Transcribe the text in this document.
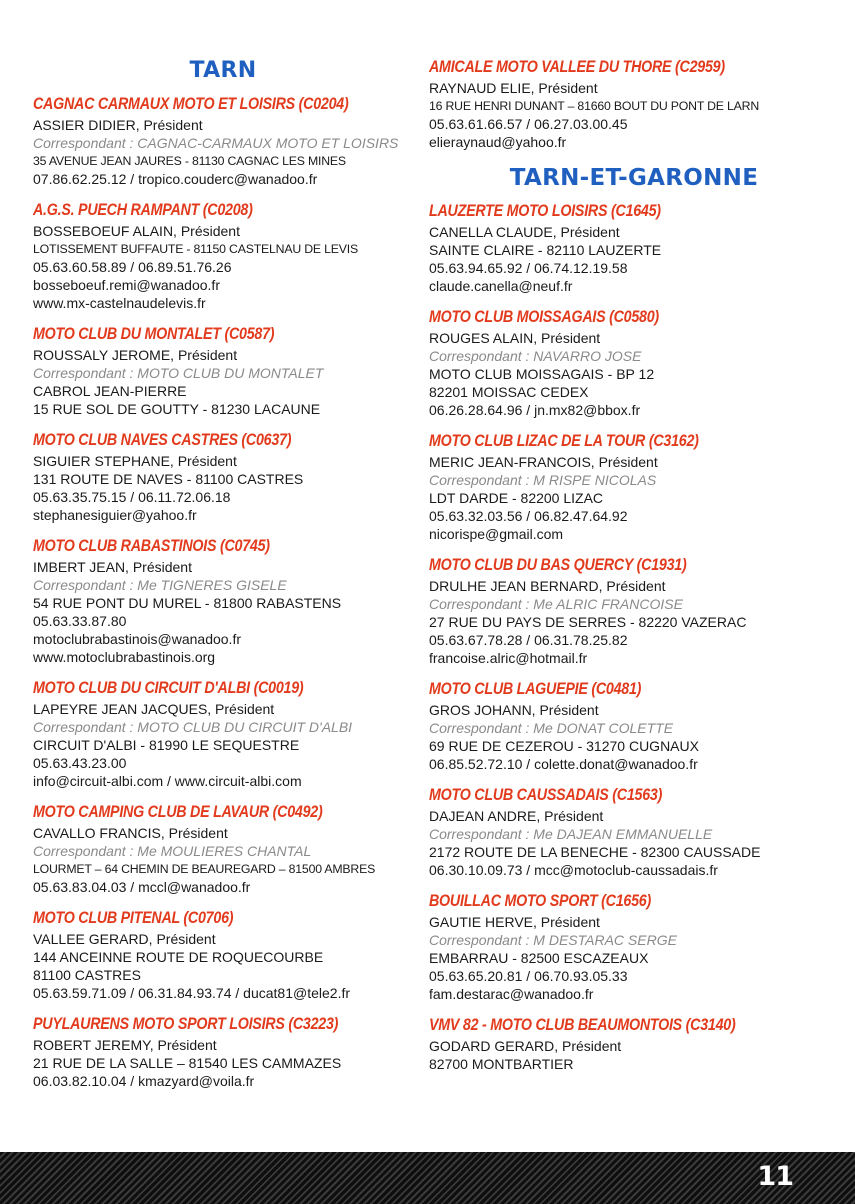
TARN
CAGNAC CARMAUX MOTO ET LOISIRS (C0204)
ASSIER DIDIER, Président
Correspondant : CAGNAC-CARMAUX MOTO ET LOISIRS
35 AVENUE JEAN JAURES - 81130 CAGNAC LES MINES
07.86.62.25.12 / tropico.couderc@wanadoo.fr
A.G.S. PUECH RAMPANT (C0208)
BOSSEBOEUF ALAIN, Président
LOTISSEMENT BUFFAUTE - 81150 CASTELNAU DE LEVIS
05.63.60.58.89 / 06.89.51.76.26
bosseboeuf.remi@wanadoo.fr
www.mx-castelnaudelevis.fr
MOTO CLUB DU MONTALET (C0587)
ROUSSALY JEROME, Président
Correspondant : MOTO CLUB DU MONTALET
CABROL JEAN-PIERRE
15 RUE SOL DE GOUTTY - 81230 LACAUNE
MOTO CLUB NAVES CASTRES (C0637)
SIGUIER STEPHANE, Président
131 ROUTE DE NAVES - 81100 CASTRES
05.63.35.75.15 / 06.11.72.06.18
stephanesiguier@yahoo.fr
MOTO CLUB RABASTINOIS (C0745)
IMBERT JEAN, Président
Correspondant : Me TIGNERES GISELE
54 RUE PONT DU MUREL - 81800 RABASTENS
05.63.33.87.80
motoclubrabastinois@wanadoo.fr
www.motoclubrabastinois.org
MOTO CLUB DU CIRCUIT D'ALBI (C0019)
LAPEYRE JEAN JACQUES, Président
Correspondant : MOTO CLUB DU CIRCUIT D'ALBI
CIRCUIT D'ALBI - 81990 LE SEQUESTRE
05.63.43.23.00
info@circuit-albi.com / www.circuit-albi.com
MOTO CAMPING CLUB DE LAVAUR (C0492)
CAVALLO FRANCIS, Président
Correspondant : Me MOULIERES CHANTAL
LOURMET – 64 CHEMIN DE BEAUREGARD – 81500 AMBRES
05.63.83.04.03 / mccl@wanadoo.fr
MOTO CLUB PITENAL (C0706)
VALLEE GERARD, Président
144 ANCEINNE ROUTE DE ROQUECOURBE
81100 CASTRES
05.63.59.71.09 / 06.31.84.93.74 / ducat81@tele2.fr
PUYLAURENS MOTO SPORT LOISIRS (C3223)
ROBERT JEREMY, Président
21 RUE DE LA SALLE – 81540 LES CAMMAZES
06.03.82.10.04 / kmazyard@voila.fr
AMICALE MOTO VALLEE DU THORE (C2959)
RAYNAUD ELIE, Président
16 RUE HENRI DUNANT – 81660 BOUT DU PONT DE LARN
05.63.61.66.57 / 06.27.03.00.45
elieraynaud@yahoo.fr
TARN-ET-GARONNE
LAUZERTE MOTO LOISIRS (C1645)
CANELLA CLAUDE, Président
SAINTE CLAIRE - 82110 LAUZERTE
05.63.94.65.92 / 06.74.12.19.58
claude.canella@neuf.fr
MOTO CLUB MOISSAGAIS (C0580)
ROUGES ALAIN, Président
Correspondant : NAVARRO JOSE
MOTO CLUB MOISSAGAIS - BP 12
82201 MOISSAC CEDEX
06.26.28.64.96 / jn.mx82@bbox.fr
MOTO CLUB LIZAC DE LA TOUR (C3162)
MERIC JEAN-FRANCOIS, Président
Correspondant : M RISPE NICOLAS
LDT DARDE - 82200 LIZAC
05.63.32.03.56 / 06.82.47.64.92
nicorispe@gmail.com
MOTO CLUB DU BAS QUERCY (C1931)
DRULHE JEAN BERNARD, Président
Correspondant : Me ALRIC FRANCOISE
27 RUE DU PAYS DE SERRES - 82220 VAZERAC
05.63.67.78.28 / 06.31.78.25.82
francoise.alric@hotmail.fr
MOTO CLUB LAGUEPIE (C0481)
GROS JOHANN, Président
Correspondant : Me DONAT COLETTE
69 RUE DE CEZEROU - 31270 CUGNAUX
06.85.52.72.10 / colette.donat@wanadoo.fr
MOTO CLUB CAUSSADAIS (C1563)
DAJEAN ANDRE, Président
Correspondant : Me DAJEAN EMMANUELLE
2172 ROUTE DE LA BENECHE - 82300 CAUSSADE
06.30.10.09.73 / mcc@motoclub-caussadais.fr
BOUILLAC MOTO SPORT (C1656)
GAUTIE HERVE, Président
Correspondant : M DESTARAC SERGE
EMBARRAU - 82500 ESCAZEAUX
05.63.65.20.81 / 06.70.93.05.33
fam.destarac@wanadoo.fr
VMV 82 - MOTO CLUB BEAUMONTOIS (C3140)
GODARD GERARD, Président
82700 MONTBARTIER
11
